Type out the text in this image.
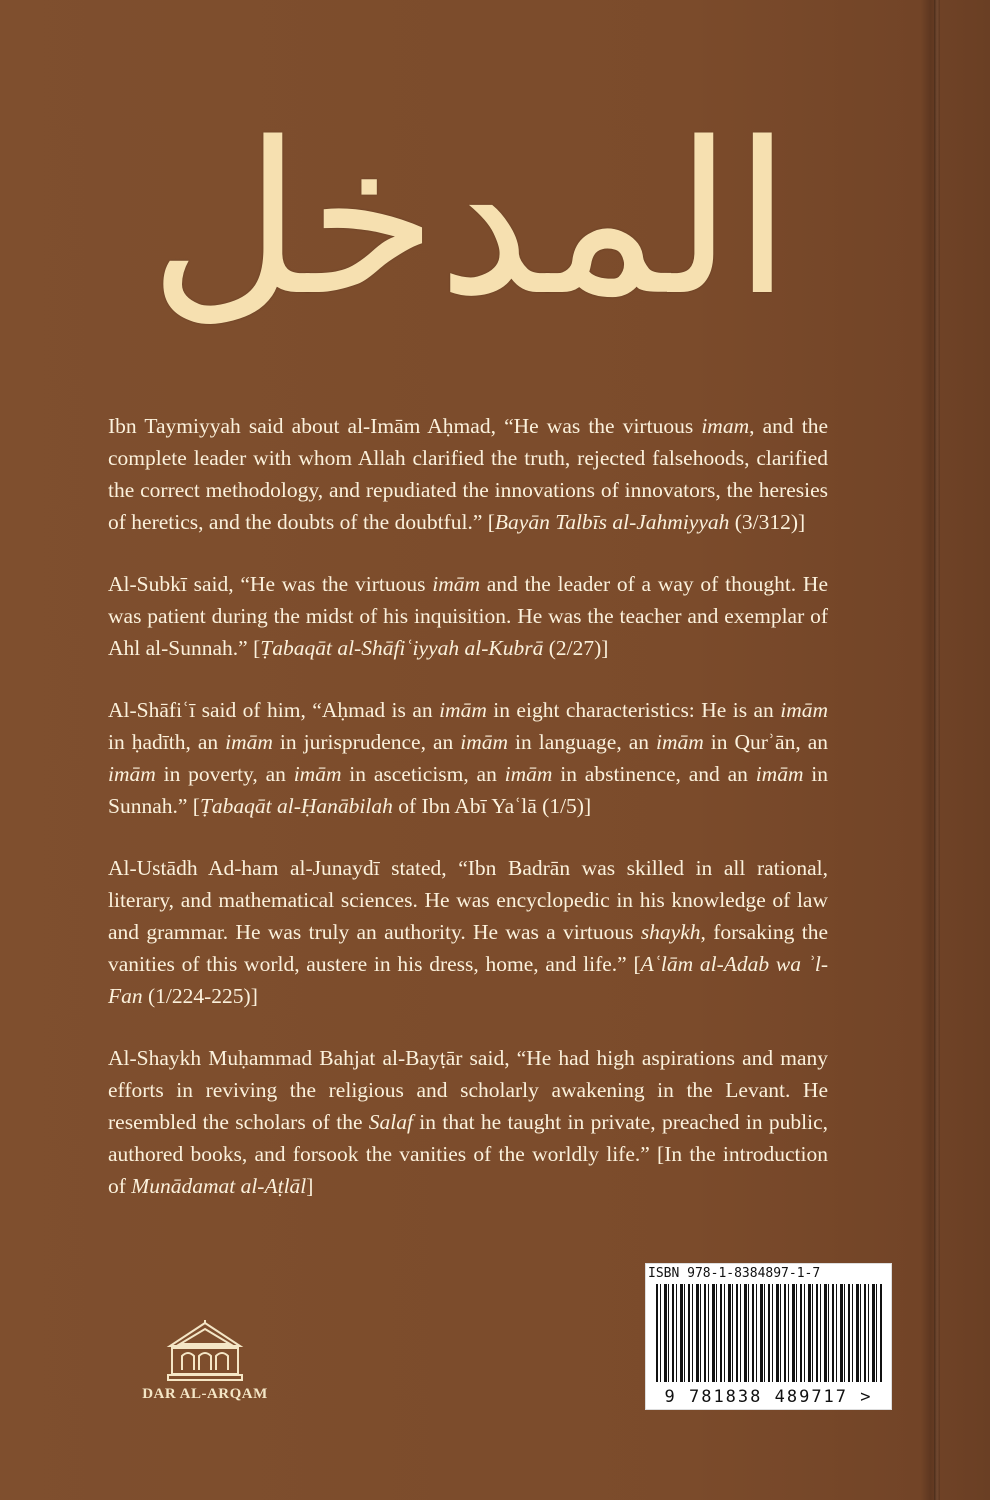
المدخل

Ibn Taymiyyah said about al-Imām Aḥmad, “He was the virtuous imam, and the complete leader with whom Allah clarified the truth, rejected falsehoods, clarified the correct methodology, and repudiated the innovations of innovators, the heresies of heretics, and the doubts of the doubtful.” [Bayān Talbīs al-Jahmiyyah (3/312)]

Al-Subkī said, “He was the virtuous imām and the leader of a way of thought. He was patient during the midst of his inquisition. He was the teacher and exemplar of Ahl al-Sunnah.” [Ṭabaqāt al-Shāfiʿiyyah al-Kubrā (2/27)]

Al-Shāfiʿī said of him, “Aḥmad is an imām in eight characteristics: He is an imām in ḥadīth, an imām in jurisprudence, an imām in language, an imām in Qurʾān, an imām in poverty, an imām in asceticism, an imām in abstinence, and an imām in Sunnah.” [Ṭabaqāt al-Ḥanābilah of Ibn Abī Yaʿlā (1/5)]

Al-Ustādh Ad-ham al-Junaydī stated, “Ibn Badrān was skilled in all rational, literary, and mathematical sciences. He was encyclopedic in his knowledge of law and grammar. He was truly an authority. He was a virtuous shaykh, forsaking the vanities of this world, austere in his dress, home, and life.” [Aʿlām al-Adab wa ʾl-Fan (1/224-225)]

Al-Shaykh Muḥammad Bahjat al-Bayṭār said, “He had high aspirations and many efforts in reviving the religious and scholarly awakening in the Levant. He resembled the scholars of the Salaf in that he taught in private, preached in public, authored books, and forsook the vanities of the worldly life.” [In the introduction of Munādamat al-Aṭlāl]

DAR AL-ARQAM
ISBN 978-1-8384897-1-7
9 781838 489717 >
